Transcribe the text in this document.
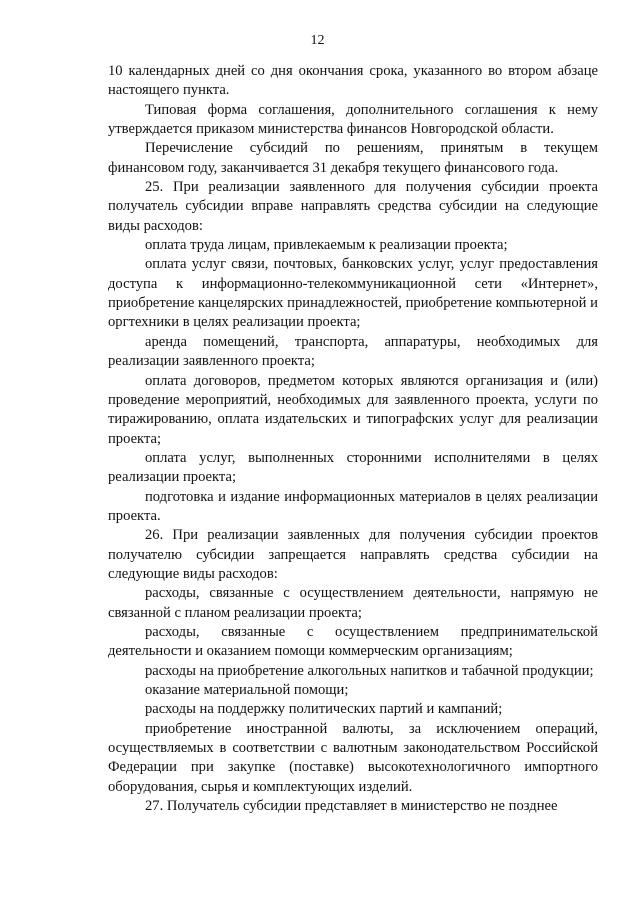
12

10 календарных дней со дня окончания срока, указанного во втором абзаце настоящего пункта.

Типовая форма соглашения, дополнительного соглашения к нему утверждается приказом министерства финансов Новгородской области.

Перечисление субсидий по решениям, принятым в текущем финансовом году, заканчивается 31 декабря текущего финансового года.

25. При реализации заявленного для получения субсидии проекта получатель субсидии вправе направлять средства субсидии на следующие виды расходов:

оплата труда лицам, привлекаемым к реализации проекта;

оплата услуг связи, почтовых, банковских услуг, услуг предоставления доступа к информационно-телекоммуникационной сети «Интернет», приобретение канцелярских принадлежностей, приобретение компьютерной и оргтехники в целях реализации проекта;

аренда помещений, транспорта, аппаратуры, необходимых для реализации заявленного проекта;

оплата договоров, предметом которых являются организация и (или) проведение мероприятий, необходимых для заявленного проекта, услуги по тиражированию, оплата издательских и типографских услуг для реализации проекта;

оплата услуг, выполненных сторонними исполнителями в целях реализации проекта;

подготовка и издание информационных материалов в целях реализации проекта.

26. При реализации заявленных для получения субсидии проектов получателю субсидии запрещается направлять средства субсидии на следующие виды расходов:

расходы, связанные с осуществлением деятельности, напрямую не связанной с планом реализации проекта;

расходы, связанные с осуществлением предпринимательской деятельности и оказанием помощи коммерческим организациям;

расходы на приобретение алкогольных напитков и табачной продукции;

оказание материальной помощи;

расходы на поддержку политических партий и кампаний;

приобретение иностранной валюты, за исключением операций, осуществляемых в соответствии с валютным законодательством Российской Федерации при закупке (поставке) высокотехнологичного импортного оборудования, сырья и комплектующих изделий.

27. Получатель субсидии представляет в министерство не позднее
